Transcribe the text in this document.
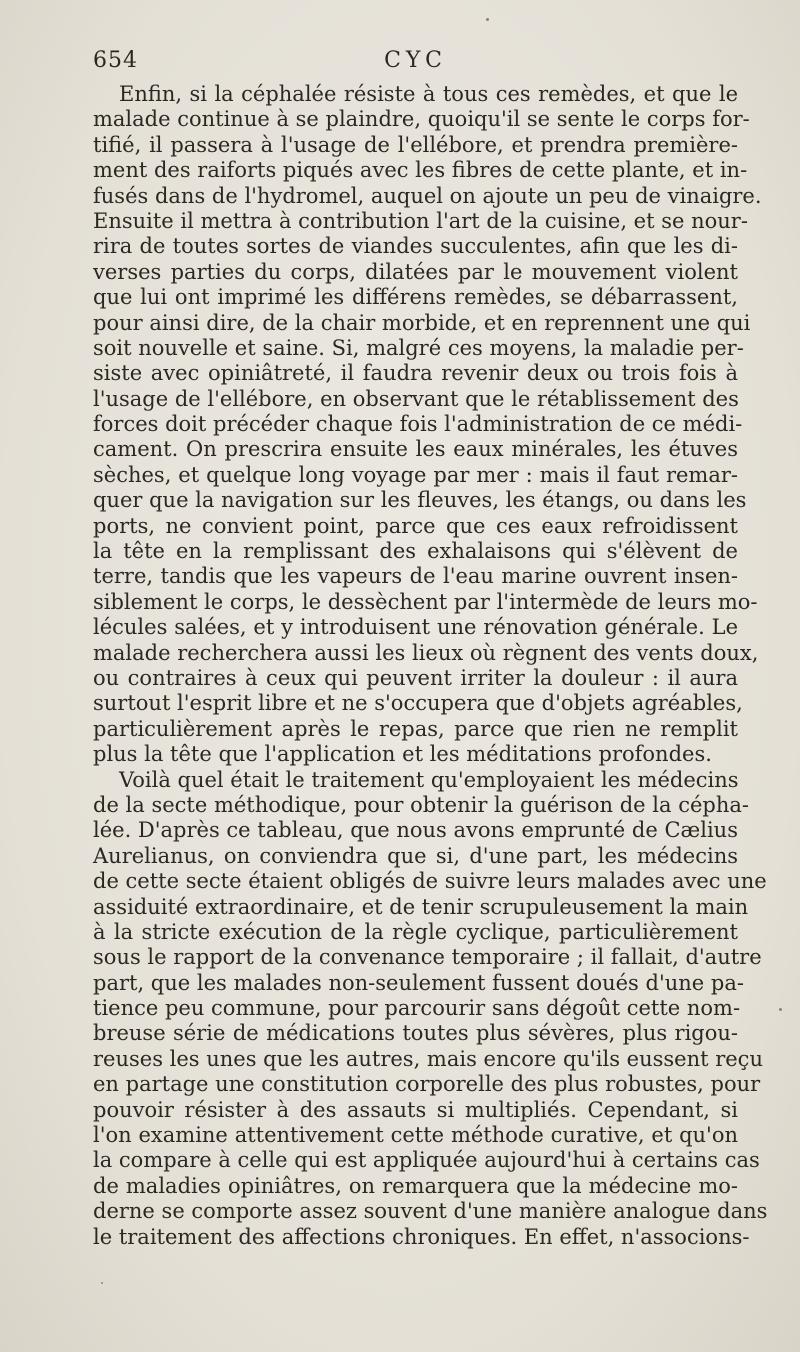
654	CYC
Enfin, si la céphalée résiste à tous ces remèdes, et que le
malade continue à se plaindre, quoiqu'il se sente le corps for-
tifié, il passera à l'usage de l'ellébore, et prendra première-
ment des raiforts piqués avec les fibres de cette plante, et in-
fusés dans de l'hydromel, auquel on ajoute un peu de vinaigre.
Ensuite il mettra à contribution l'art de la cuisine, et se nour-
rira de toutes sortes de viandes succulentes, afin que les di-
verses parties du corps, dilatées par le mouvement violent
que lui ont imprimé les différens remèdes, se débarrassent,
pour ainsi dire, de la chair morbide, et en reprennent une qui
soit nouvelle et saine. Si, malgré ces moyens, la maladie per-
siste avec opiniâtreté, il faudra revenir deux ou trois fois à
l'usage de l'ellébore, en observant que le rétablissement des
forces doit précéder chaque fois l'administration de ce médi-
cament. On prescrira ensuite les eaux minérales, les étuves
sèches, et quelque long voyage par mer : mais il faut remar-
quer que la navigation sur les fleuves, les étangs, ou dans les
ports, ne convient point, parce que ces eaux refroidissent
la tête en la remplissant des exhalaisons qui s'élèvent de
terre, tandis que les vapeurs de l'eau marine ouvrent insen-
siblement le corps, le dessèchent par l'intermède de leurs mo-
lécules salées, et y introduisent une rénovation générale. Le
malade recherchera aussi les lieux où règnent des vents doux,
ou contraires à ceux qui peuvent irriter la douleur : il aura
surtout l'esprit libre et ne s'occupera que d'objets agréables,
particulièrement après le repas, parce que rien ne remplit
plus la tête que l'application et les méditations profondes.
Voilà quel était le traitement qu'employaient les médecins
de la secte méthodique, pour obtenir la guérison de la cépha-
lée. D'après ce tableau, que nous avons emprunté de Cælius
Aurelianus, on conviendra que si, d'une part, les médecins
de cette secte étaient obligés de suivre leurs malades avec une
assiduité extraordinaire, et de tenir scrupuleusement la main
à la stricte exécution de la règle cyclique, particulièrement
sous le rapport de la convenance temporaire ; il fallait, d'autre
part, que les malades non-seulement fussent doués d'une pa-
tience peu commune, pour parcourir sans dégoût cette nom-
breuse série de médications toutes plus sévères, plus rigou-
reuses les unes que les autres, mais encore qu'ils eussent reçu
en partage une constitution corporelle des plus robustes, pour
pouvoir résister à des assauts si multipliés. Cependant, si
l'on examine attentivement cette méthode curative, et qu'on
la compare à celle qui est appliquée aujourd'hui à certains cas
de maladies opiniâtres, on remarquera que la médecine mo-
derne se comporte assez souvent d'une manière analogue dans
le traitement des affections chroniques. En effet, n'associons-
